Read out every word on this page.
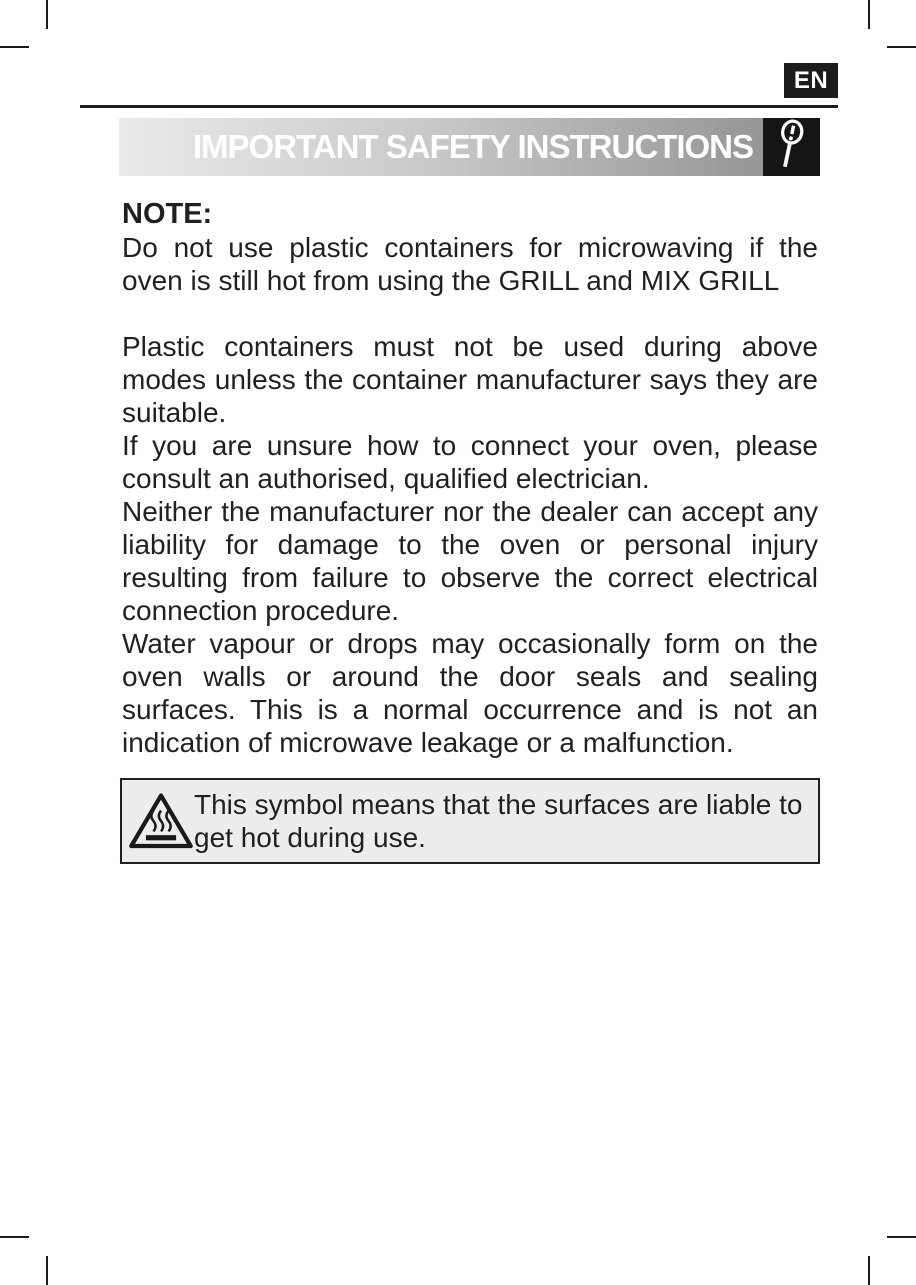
EN
IMPORTANT SAFETY INSTRUCTIONS
NOTE:

Do not use plastic containers for microwaving if the oven is still hot from using the GRILL and MIX GRILL

Plastic containers must not be used during above modes unless the container manufacturer says they are suitable.

If you are unsure how to connect your oven, please consult an authorised, qualified electrician.

Neither the manufacturer nor the dealer can accept any liability for damage to the oven or personal injury resulting from failure to observe the correct electrical connection procedure.

Water vapour or drops may occasionally form on the oven walls or around the door seals and sealing surfaces. This is a normal occurrence and is not an indication of microwave leakage or a malfunction.

This symbol means that the surfaces are liable to get hot during use.
